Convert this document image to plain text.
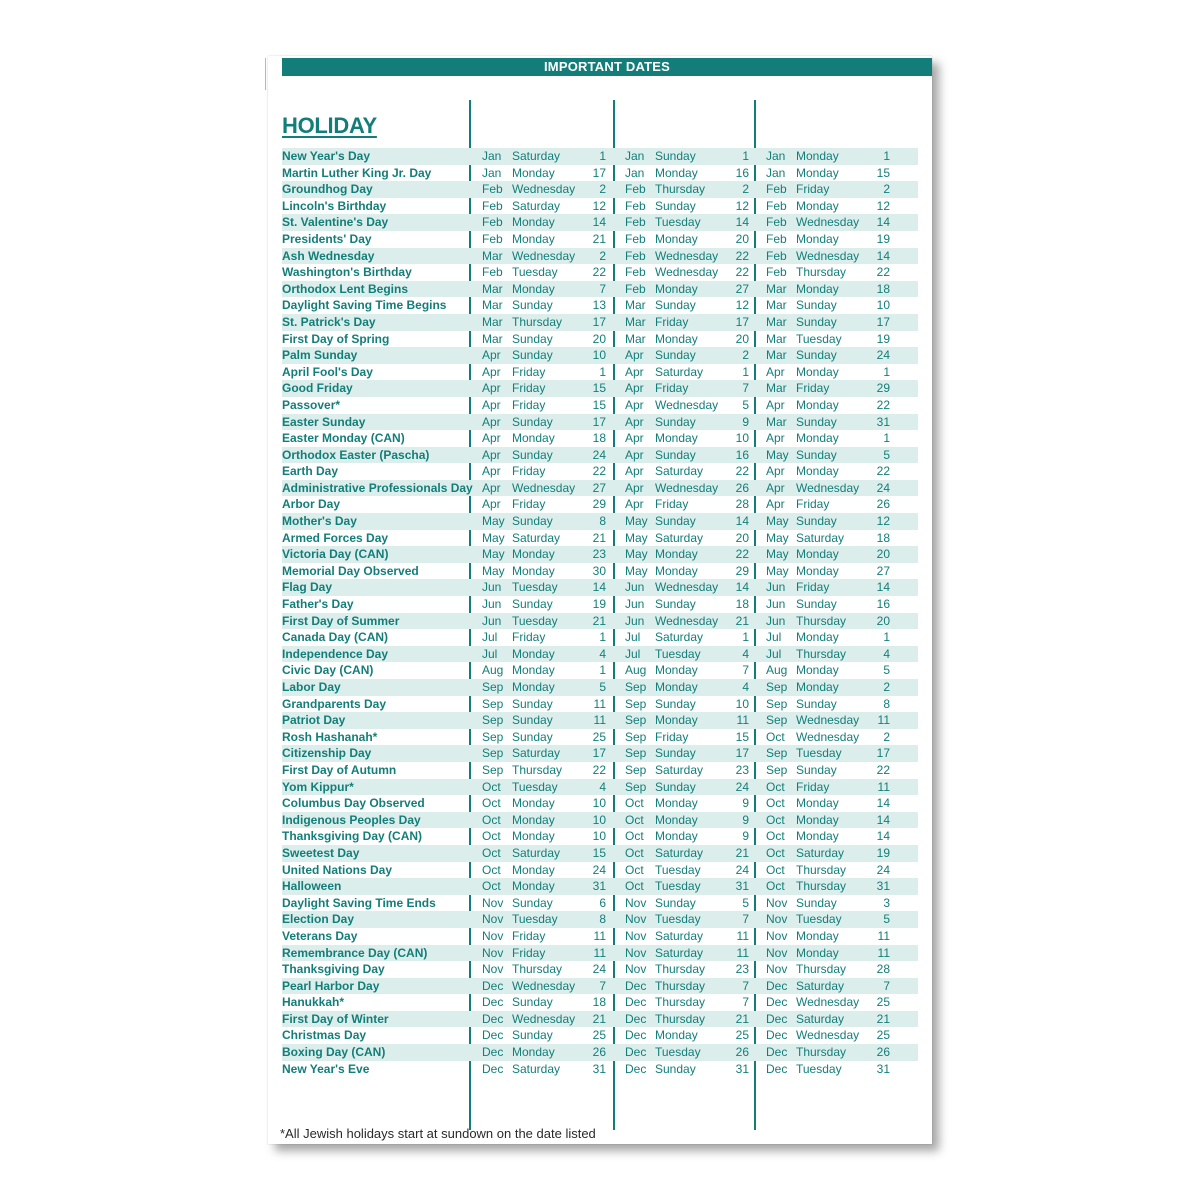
IMPORTANT DATES
HOLIDAY
New Year's Day	Jan Saturday	1 Jan Sunday	1 Jan Monday	1
Martin Luther King Jr. Day	Jan Monday	17 Jan Monday	16 Jan Monday	15
Groundhog Day	Feb Wednesday	2 Feb Thursday	2 Feb Friday	2
Lincoln's Birthday	Feb Saturday	12 Feb Sunday	12 Feb Monday	12
St. Valentine's Day	Feb Monday	14 Feb Tuesday	14 Feb Wednesday	14
Presidents' Day	Feb Monday	21 Feb Monday	20 Feb Monday	19
Ash Wednesday	Mar Wednesday	2 Feb Wednesday	22 Feb Wednesday	14
Washington's Birthday	Feb Tuesday	22 Feb Wednesday	22 Feb Thursday	22
Orthodox Lent Begins	Mar Monday	7 Feb Monday	27 Mar Monday	18
Daylight Saving Time Begins	Mar Sunday	13 Mar Sunday	12 Mar Sunday	10
St. Patrick's Day	Mar Thursday	17 Mar Friday	17 Mar Sunday	17
First Day of Spring	Mar Sunday	20 Mar Monday	20 Mar Tuesday	19
Palm Sunday	Apr Sunday	10 Apr Sunday	2 Mar Sunday	24
April Fool's Day	Apr Friday	1 Apr Saturday	1 Apr Monday	1
Good Friday	Apr Friday	15 Apr Friday	7 Mar Friday	29
Passover*	Apr Friday	15 Apr Wednesday	5 Apr Monday	22
Easter Sunday	Apr Sunday	17 Apr Sunday	9 Mar Sunday	31
Easter Monday (CAN)	Apr Monday	18 Apr Monday	10 Apr Monday	1
Orthodox Easter (Pascha)	Apr Sunday	24 Apr Sunday	16 May Sunday	5
Earth Day	Apr Friday	22 Apr Saturday	22 Apr Monday	22
Administrative Professionals Day Apr Wednesday	27 Apr Wednesday	26 Apr Wednesday	24
Arbor Day	Apr Friday	29 Apr Friday	28 Apr Friday	26
Mother's Day	May Sunday	8 May Sunday	14 May Sunday	12
Armed Forces Day	May Saturday	21 May Saturday	20 May Saturday	18
Victoria Day (CAN)	May Monday	23 May Monday	22 May Monday	20
Memorial Day Observed	May Monday	30 May Monday	29 May Monday	27
Flag Day	Jun Tuesday	14 Jun Wednesday	14 Jun Friday	14
Father's Day	Jun Sunday	19 Jun Sunday	18 Jun Sunday	16
First Day of Summer	Jun Tuesday	21 Jun Wednesday	21 Jun Thursday	20
Canada Day (CAN)	Jul Friday	1 Jul Saturday	1 Jul Monday	1
Independence Day	Jul Monday	4 Jul Tuesday	4 Jul Thursday	4
Civic Day (CAN)	Aug Monday	1 Aug Monday	7 Aug Monday	5
Labor Day	Sep Monday	5 Sep Monday	4 Sep Monday	2
Grandparents Day	Sep Sunday	11 Sep Sunday	10 Sep Sunday	8
Patriot Day	Sep Sunday	11 Sep Monday	11 Sep Wednesday	11
Rosh Hashanah*	Sep Sunday	25 Sep Friday	15 Oct Wednesday	2
Citizenship Day	Sep Saturday	17 Sep Sunday	17 Sep Tuesday	17
First Day of Autumn	Sep Thursday	22 Sep Saturday	23 Sep Sunday	22
Yom Kippur*	Oct Tuesday	4 Sep Sunday	24 Oct Friday	11
Columbus Day Observed	Oct Monday	10 Oct Monday	9 Oct Monday	14
Indigenous Peoples Day	Oct Monday	10 Oct Monday	9 Oct Monday	14
Thanksgiving Day (CAN)	Oct Monday	10 Oct Monday	9 Oct Monday	14
Sweetest Day	Oct Saturday	15 Oct Saturday	21 Oct Saturday	19
United Nations Day	Oct Monday	24 Oct Tuesday	24 Oct Thursday	24
Halloween	Oct Monday	31 Oct Tuesday	31 Oct Thursday	31
Daylight Saving Time Ends	Nov Sunday	6 Nov Sunday	5 Nov Sunday	3
Election Day	Nov Tuesday	8 Nov Tuesday	7 Nov Tuesday	5
Veterans Day	Nov Friday	11 Nov Saturday	11 Nov Monday	11
Remembrance Day (CAN)	Nov Friday	11 Nov Saturday	11 Nov Monday	11
Thanksgiving Day	Nov Thursday	24 Nov Thursday	23 Nov Thursday	28
Pearl Harbor Day	Dec Wednesday	7 Dec Thursday	7 Dec Saturday	7
Hanukkah*	Dec Sunday	18 Dec Thursday	7 Dec Wednesday	25
First Day of Winter	Dec Wednesday	21 Dec Thursday	21 Dec Saturday	21
Christmas Day	Dec Sunday	25 Dec Monday	25 Dec Wednesday	25
Boxing Day (CAN)	Dec Monday	26 Dec Tuesday	26 Dec Thursday	26
New Year's Eve	Dec Saturday	31 Dec Sunday	31 Dec Tuesday	31
*All Jewish holidays start at sundown on the date listed
